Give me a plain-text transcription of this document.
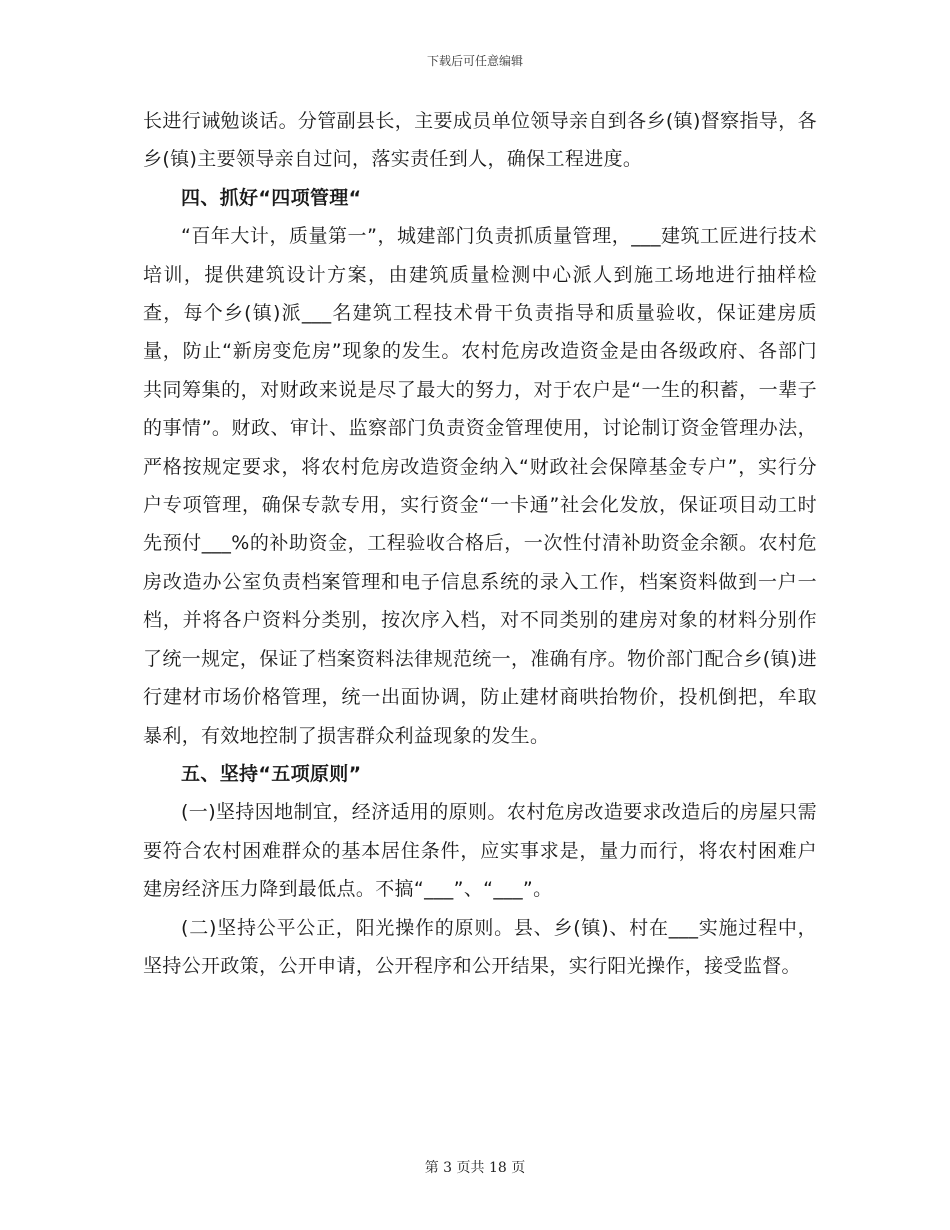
下载后可任意编辑

长进行诫勉谈话。分管副县长，主要成员单位领导亲自到各乡(镇)督察指导，各乡(镇)主要领导亲自过问，落实责任到人，确保工程进度。

四、抓好“四项管理“

“百年大计，质量第一”，城建部门负责抓质量管理，___建筑工匠进行技术培训，提供建筑设计方案，由建筑质量检测中心派人到施工场地进行抽样检查，每个乡(镇)派___名建筑工程技术骨干负责指导和质量验收，保证建房质量，防止“新房变危房”现象的发生。农村危房改造资金是由各级政府、各部门共同筹集的，对财政来说是尽了最大的努力，对于农户是“一生的积蓄，一辈子的事情”。财政、审计、监察部门负责资金管理使用，讨论制订资金管理办法，严格按规定要求，将农村危房改造资金纳入“财政社会保障基金专户”，实行分户专项管理，确保专款专用，实行资金“一卡通”社会化发放，保证项目动工时先预付___%的补助资金，工程验收合格后，一次性付清补助资金余额。农村危房改造办公室负责档案管理和电子信息系统的录入工作，档案资料做到一户一档，并将各户资料分类别，按次序入档，对不同类别的建房对象的材料分别作了统一规定，保证了档案资料法律规范统一，准确有序。物价部门配合乡(镇)进行建材市场价格管理，统一出面协调，防止建材商哄抬物价，投机倒把，牟取暴利，有效地控制了损害群众利益现象的发生。

五、坚持“五项原则”

(一)坚持因地制宜，经济适用的原则。农村危房改造要求改造后的房屋只需要符合农村困难群众的基本居住条件，应实事求是，量力而行，将农村困难户建房经济压力降到最低点。不搞“___”、“___”。

(二)坚持公平公正，阳光操作的原则。县、乡(镇)、村在___实施过程中，坚持公开政策，公开申请，公开程序和公开结果，实行阳光操作，接受监督。

第 3 页共 18 页
